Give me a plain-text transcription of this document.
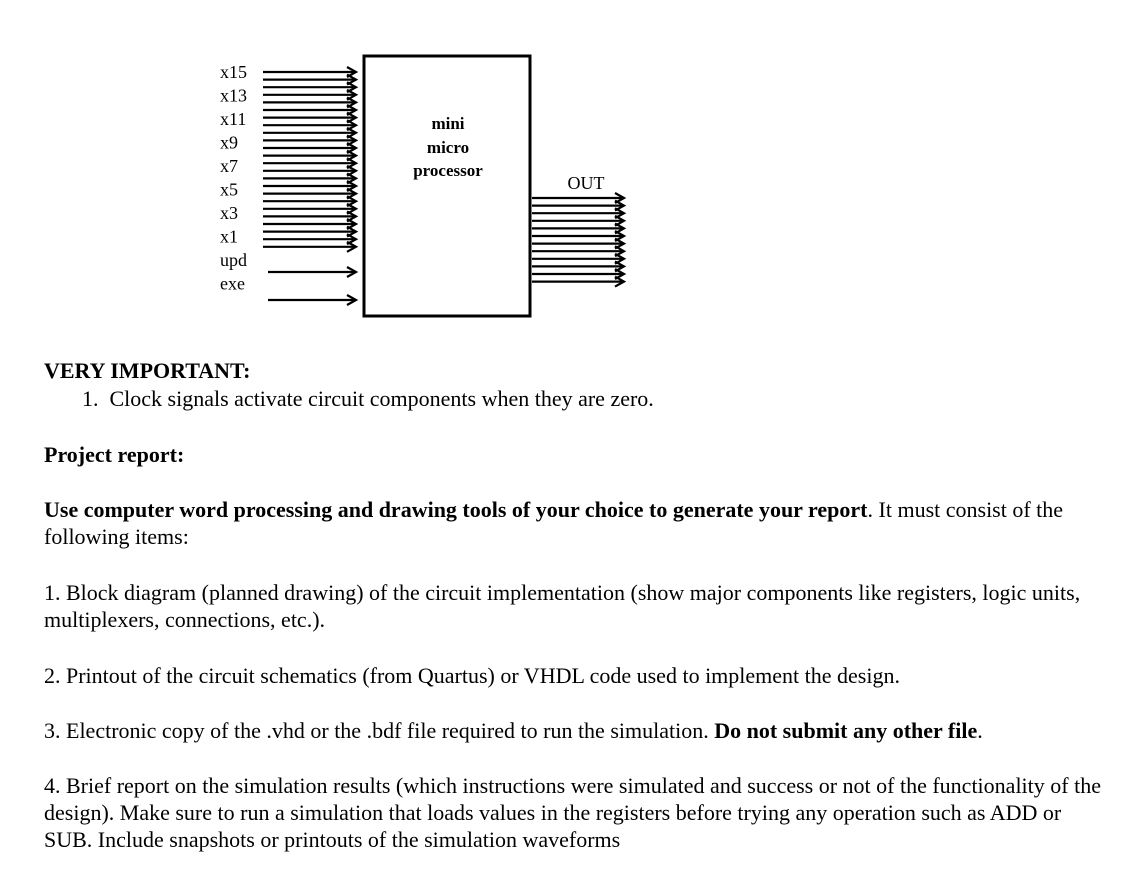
x15
x13
x11
x9
x7
x5
x3
x1
upd
exe
mini
micro
processor
OUT
VERY IMPORTANT:
1.  Clock signals activate circuit components when they are zero.
Project report:
Use computer word processing and drawing tools of your choice to generate your report. It must consist of the following items:
1. Block diagram (planned drawing) of the circuit implementation (show major components like registers, logic units, multiplexers, connections, etc.).
2. Printout of the circuit schematics (from Quartus) or VHDL code used to implement the design.
3. Electronic copy of the .vhd or the .bdf file required to run the simulation. Do not submit any other file.
4. Brief report on the simulation results (which instructions were simulated and success or not of the functionality of the design). Make sure to run a simulation that loads values in the registers before trying any operation such as ADD or SUB. Include snapshots or printouts of the simulation waveforms
